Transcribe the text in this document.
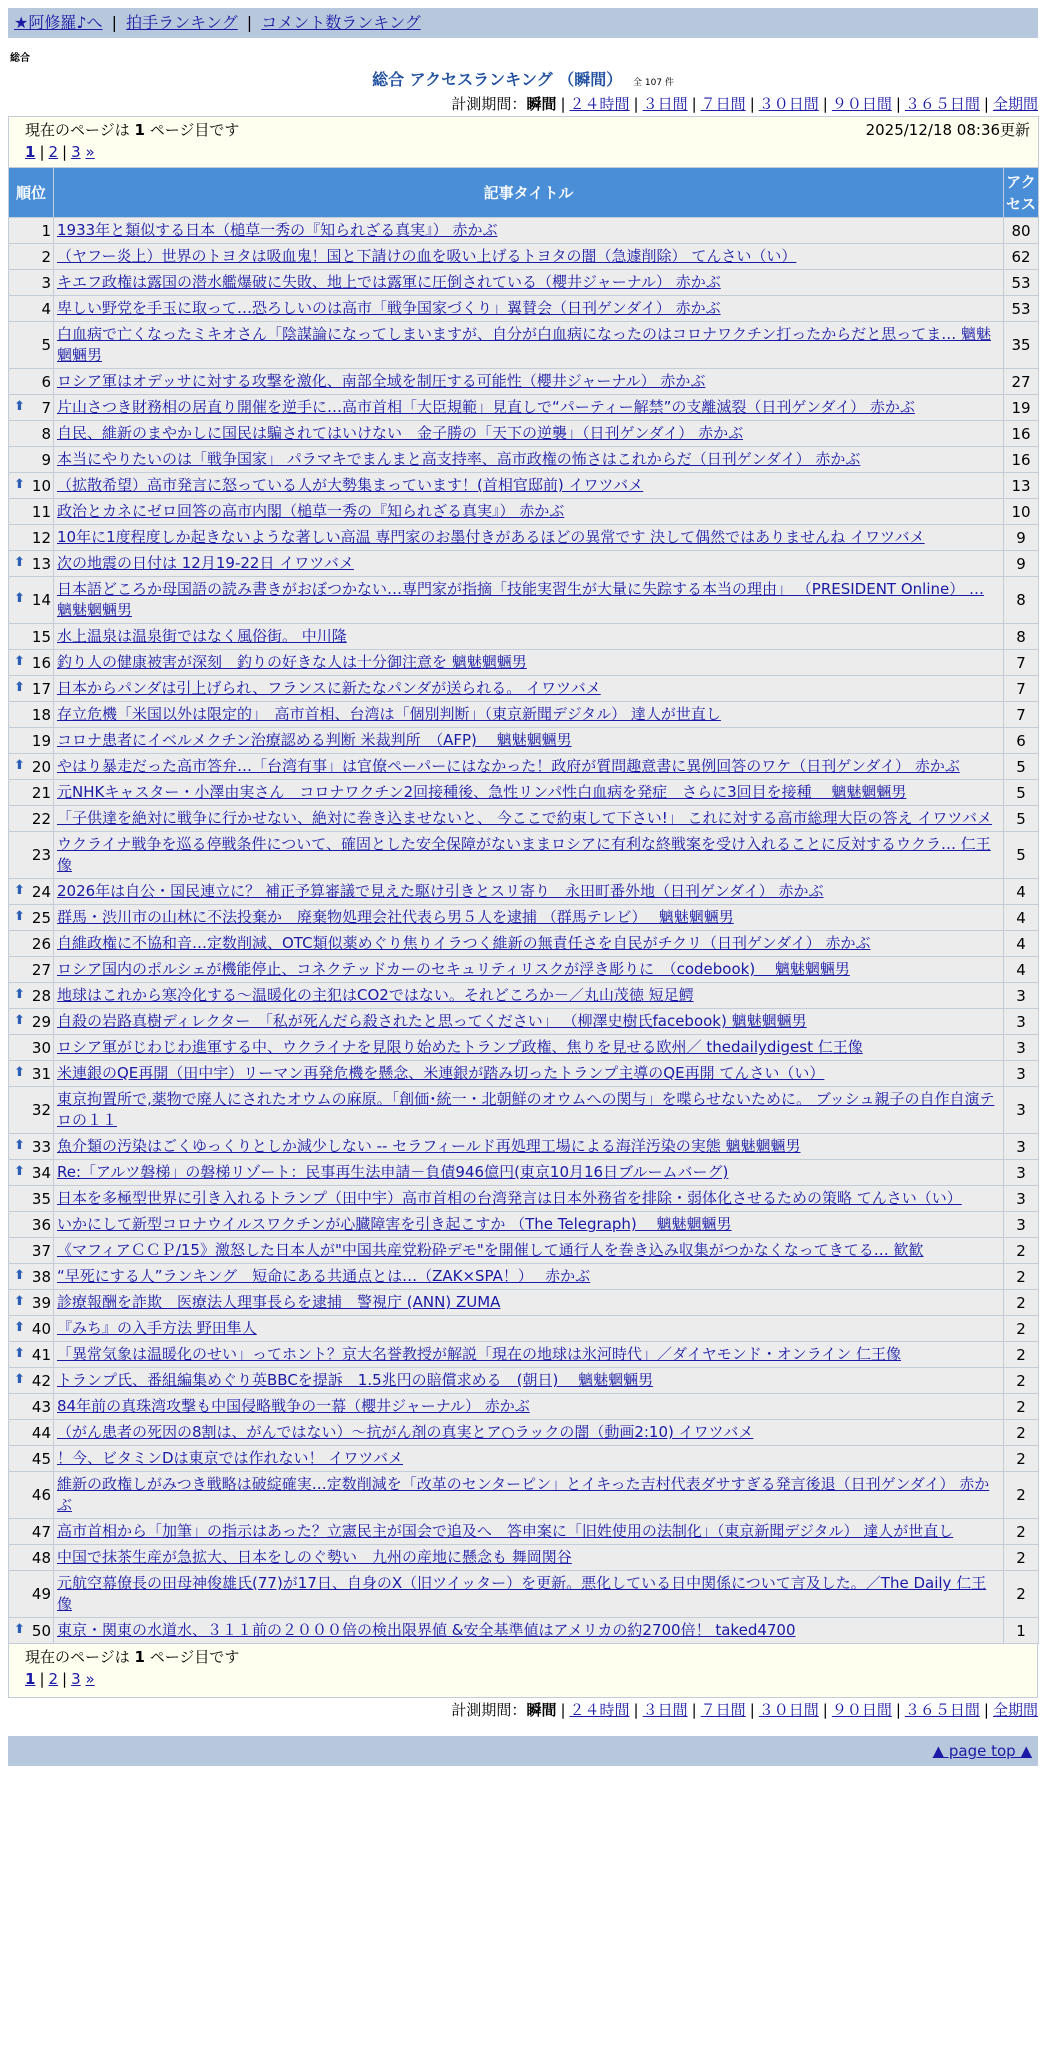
★阿修羅♪へ | 拍手ランキング | コメント数ランキング
総合
総合 アクセスランキング （瞬間） 全 107 件
計測期間：瞬間 | ２４時間 | ３日間 | ７日間 | ３０日間 | ９０日間 | ３６５日間 | 全期間
2025/12/18 08:36更新
現在のページは 1 ページ目です
1 | 2 | 3 »		

順位	記事タイトル	アクセス
1	1933年と類似する日本（槌草一秀の『知られざる真実』） 赤かぶ	80
2	（ヤフー炎上）世界のトヨタは吸血鬼！国と下請けの血を吸い上げるトヨタの闇（急遽削除） てんさい（い）	62
3	キエフ政権は露国の潜水艦爆破に失敗、地上では露軍に圧倒されている（櫻井ジャーナル） 赤かぶ	53
4	卑しい野党を手玉に取って…恐ろしいのは高市「戦争国家づくり」翼賛会（日刊ゲンダイ） 赤かぶ	53
5	白血病で亡くなったミキオさん「陰謀論になってしまいますが、自分が白血病になったのはコロナワクチン打ったからだと思ってま… 魑魅魍魎男	35
6	ロシア軍はオデッサに対する攻撃を激化、南部全域を制圧する可能性（櫻井ジャーナル） 赤かぶ	27

⬆ 7	片山さつき財務相の居直り開催を逆手に…高市首相「大臣規範」見直しで“パーティー解禁”の支離滅裂（日刊ゲンダイ） 赤かぶ	19
8	自民、維新のまやかしに国民は騙されてはいけない　金子勝の「天下の逆襲」（日刊ゲンダイ） 赤かぶ	16
9	本当にやりたいのは「戦争国家」 パラマキでまんまと高支持率、高市政権の怖さはこれからだ（日刊ゲンダイ） 赤かぶ	16

⬆ 10	（拡散希望）高市発言に怒っている人が大勢集まっています！(首相官邸前) イワツバメ	13
11	政治とカネにゼロ回答の高市内閣（槌草一秀の『知られざる真実』） 赤かぶ	10
12	10年に1度程度しか起きないような著しい高温 専門家のお墨付きがあるほどの異常です 決して偶然ではありませんね イワツバメ	9

⬆ 13	次の地震の日付は 12月19-22日 イワツバメ	9

⬆ 14	日本語どころか母国語の読み書きがおぼつかない…専門家が指摘「技能実習生が大量に失踪する本当の理由」 （PRESIDENT Online） … 魑魅魍魎男	8
15	水上温泉は温泉街ではなく風俗街。 中川隆	8

⬆ 16	釣り人の健康被害が深刻　釣りの好きな人は十分御注意を 魑魅魍魎男	7

⬆ 17	日本からパンダは引上げられ、フランスに新たなパンダが送られる。 イワツバメ	7
18	存立危機「米国以外は限定的」　高市首相、台湾は「個別判断」（東京新聞デジタル） 達人が世直し	7
19	コロナ患者にイベルメクチン治療認める判断 米裁判所　（AFP)　 魑魅魍魎男	6

⬆ 20	やはり暴走だった高市答弁…「台湾有事」は官僚ペーパーにはなかった！政府が質問趣意書に異例回答のワケ（日刊ゲンダイ） 赤かぶ	5
21	元NHKキャスター・小澤由実さん　コロナワクチン2回接種後、急性リンパ性白血病を発症　さらに3回目を接種　 魑魅魍魎男	5
22	「子供達を絶対に戦争に行かせない、絶対に巻き込ませないと、 今ここで約束して下さい!」 これに対する高市総理大臣の答え イワツバメ	5
23	ウクライナ戦争を巡る停戦条件について、確固とした安全保障がないままロシアに有利な終戦案を受け入れることに反対するウクラ… 仁王像	5

⬆ 24	2026年は自公・国民連立に？ 補正予算審議で見えた駆け引きとスリ寄り　永田町番外地（日刊ゲンダイ） 赤かぶ	4

⬆ 25	群馬・渋川市の山林に不法投棄か　廃棄物処理会社代表ら男５人を逮捕 （群馬テレビ）　 魑魅魍魎男	4
26	自維政権に不協和音…定数削減、OTC類似薬めぐり焦りイラつく維新の無責任さを自民がチクリ（日刊ゲンダイ） 赤かぶ	4
27	ロシア国内のポルシェが機能停止、コネクテッドカーのセキュリティリスクが浮き彫りに　（codebook)　 魑魅魍魎男	4

⬆ 28	地球はこれから寒冷化する〜温暖化の主犯はCO2ではない。それどころか－／丸山茂徳 短足鰐	3

⬆ 29	自殺の岩路真樹ディレクター　「私が死んだら殺されたと思ってください」 （柳澤史樹氏facebook) 魑魅魍魎男	3
30	ロシア軍がじわじわ進軍する中、ウクライナを見限り始めたトランプ政権、焦りを見せる欧州／ thedailydigest 仁王像	3

⬆ 31	米連銀のQE再開（田中宇）リーマン再発危機を懸念、米連銀が踏み切ったトランプ主導のQE再開 てんさい（い）	3
32	東京拘置所で,薬物で廃人にされたオウムの麻原。「創価･統一・北朝鮮のオウムへの関与」を喋らせないために。 ブッシュ親子の自作自演テロの１１	3

⬆ 33	魚介類の汚染はごくゆっくりとしか減少しない -- セラフィールド再処理工場による海洋汚染の実態 魑魅魍魎男	3

⬆ 34	Re:「アルツ磐梯」の磐梯リゾート：民事再生法申請－負債946億円(東京10月16日ブルームバーグ)	3
35	日本を多極型世界に引き入れるトランプ（田中宇）高市首相の台湾発言は日本外務省を排除・弱体化させるための策略 てんさい（い）	3
36	いかにして新型コロナウイルスワクチンが心臓障害を引き起こすか （The Telegraph)　 魑魅魍魎男	3
37	《マフィアＣＣＰ/15》激怒した日本人が"中国共産党粉砕デモ"を開催して通行人を巻き込み収集がつかなくなってきてる… 歓歓	2

⬆ 38	“早死にする人”ランキング　短命にある共通点とは…（ZAK×SPA！）　 赤かぶ	2

⬆ 39	診療報酬を詐欺　医療法人理事長らを逮捕　警視庁 (ANN) ZUMA	2

⬆ 40	『みち』の入手方法 野田隼人	2

⬆ 41	「異常気象は温暖化のせい」ってホント？京大名誉教授が解説「現在の地球は氷河時代」／ダイヤモンド・オンライン 仁王像	2

⬆ 42	トランプ氏、番組編集めぐり英BBCを提訴　1.5兆円の賠償求める　(朝日)　 魑魅魍魎男	2
43	84年前の真珠湾攻撃も中国侵略戦争の一幕（櫻井ジャーナル） 赤かぶ	2
44	（がん患者の死因の8割は、がんではない）～抗がん剤の真実とア○ラックの闇（動画2:10) イワツバメ	2
45	！今、ビタミンDは東京では作れない！ イワツバメ	2
46	維新の政権しがみつき戦略は破綻確実…定数削減を「改革のセンターピン」とイキった吉村代表ダサすぎる発言後退（日刊ゲンダイ） 赤かぶ	2
47	高市首相から「加筆」の指示はあった？立憲民主が国会で追及へ　答申案に「旧姓使用の法制化」（東京新聞デジタル） 達人が世直し	2
48	中国で抹茶生産が急拡大、日本をしのぐ勢い　九州の産地に懸念も 舞岡関谷	2
49	元航空幕僚長の田母神俊雄氏(77)が17日、自身のX（旧ツイッター）を更新。悪化している日中関係について言及した。／The Daily 仁王像	2

⬆ 50	東京・関東の水道水、３１１前の２０００倍の検出限界値 &安全基準値はアメリカの約2700倍！ taked4700	1
現在のページは 1 ページ目です
1 | 2 | 3 »
計測期間：瞬間 | ２４時間 | ３日間 | ７日間 | ３０日間 | ９０日間 | ３６５日間 | 全期間
▲ page top ▲
